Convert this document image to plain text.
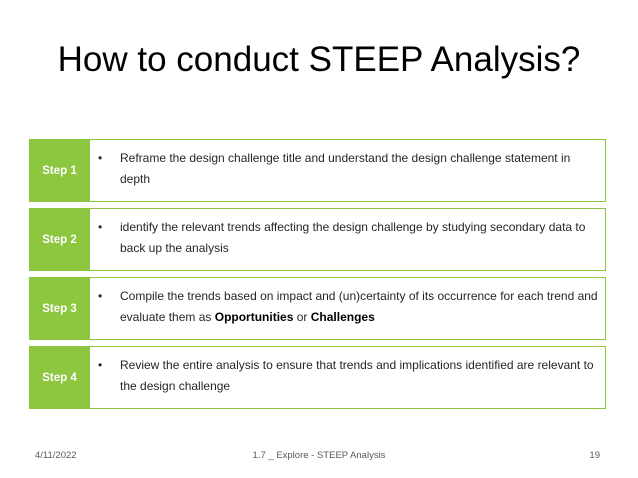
How to conduct STEEP Analysis?
Step 1
•	Reframe the design challenge title and understand the design challenge statement in depth
Step 2
•	identify the relevant trends affecting the design challenge by studying secondary data to back up the analysis
Step 3
•	Compile the trends based on impact and (un)certainty of its occurrence for each trend and evaluate them as Opportunities or Challenges
Step 4
•	Review the entire analysis to ensure that trends and implications identified are relevant to the design challenge
4/11/2022	1.7 _ Explore - STEEP Analysis	19
